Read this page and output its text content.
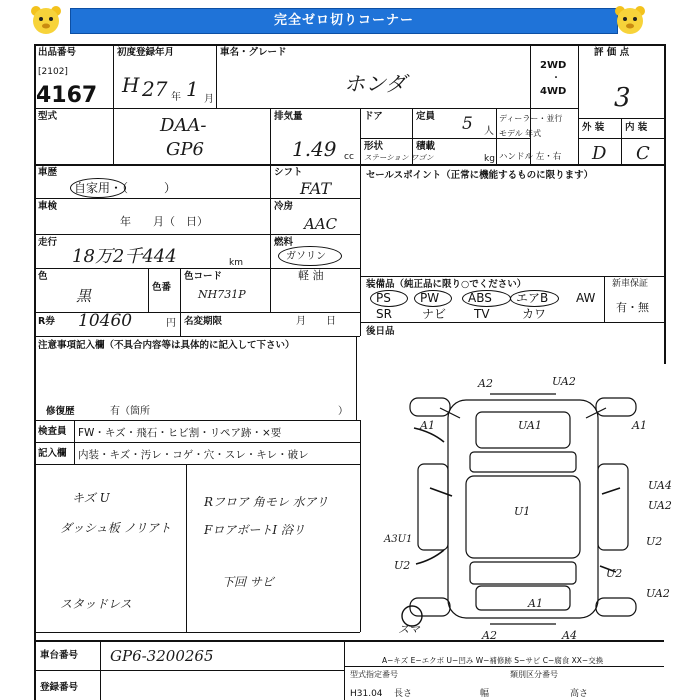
完全ゼロ切りコーナー
出品番号
[2102]
4167
初度登録年月
H 27 年 1 月
車名・グレード
ホンダ
2WD
・
4WD
評 価 点
3
型式	DAA-
GP6
排気量
1.49 cc
ドア	定員 5 人
ディーラー・並行
形状
ステーション ワゴン
積載
kg
モデル 年式
ハンドル 左・右
外 装 内 装
D C
車歴
自家用・（　　　）
シフト
FAT
車検
年　　月（　日）
冷房
AAC
走行
18万2千444	km
燃料
ガソリン
軽 油
色
黒	色番
色コード
NH731P
R券 10460	円 名変期限	月　　日
セールスポイント（正常に機能するものに限ります）
装備品（純正品に限り○でください）	新車保証
有・無
PS PW ABS エアB AW
SR	ナビ TV	カワ
後日品
注意事項記入欄（不具合内容等は具体的に記入して下さい）
修復歴	有（箇所	）
検査員 FW・キズ・飛石・ヒビ割・リペア跡・×要
記入欄 内装・キズ・汚レ・コゲ・穴・スレ・キレ・破レ
キズ U
ダッシュ板 ノリアト
スタッドレス
Rフロア 角モレ 水アリ
FロアボートI 浴リ
下回 サビ
A2	UA2
A1	UA1	A1
UA4
UA2
U1
A3U1	U2
U2
U2
UA2
A1
A2	A4
スマ
A−キズ E−エクボ U−凹み W−補修跡 S−サビ C−腐食 XX−交換
車台番号 GP6-3200265
登録番号
型式指定番号	類別区分番号
長さ	幅	高さ
H31.04
